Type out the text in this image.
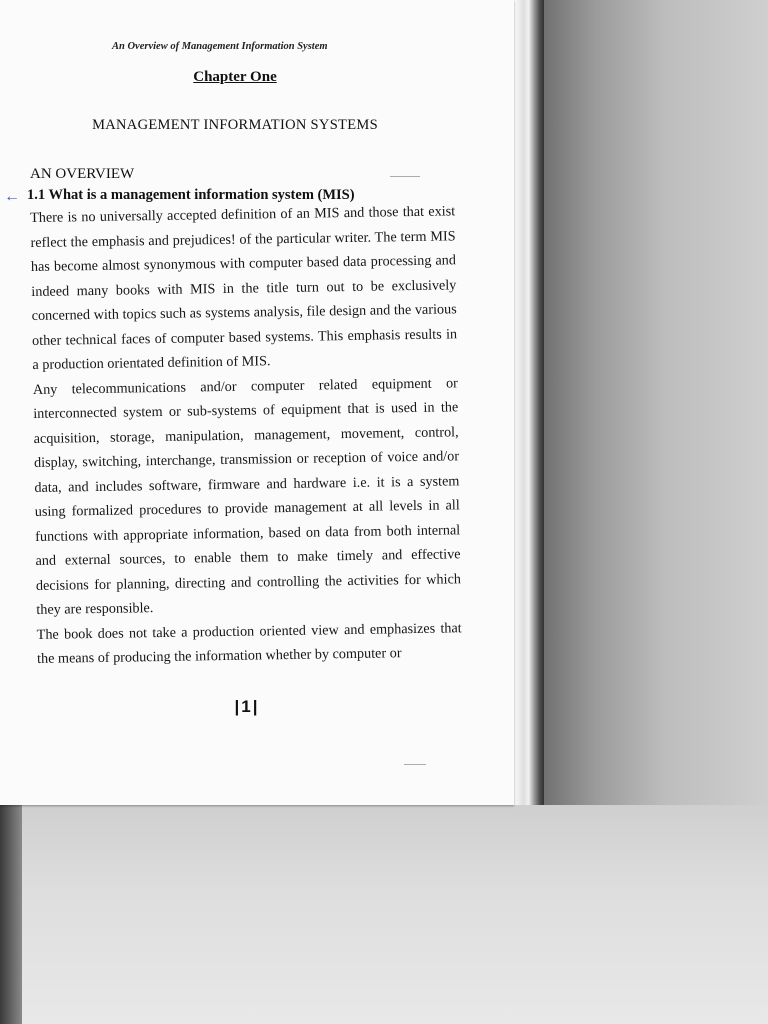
An Overview of Management Information System
Chapter One
MANAGEMENT INFORMATION SYSTEMS
AN OVERVIEW
← 1.1 What is a management information system (MIS)

There is no universally accepted definition of an MIS and those that exist reflect the emphasis and prejudices! of the particular writer. The term MIS has become almost synonymous with computer based data processing and indeed many books with MIS in the title turn out to be exclusively concerned with topics such as systems analysis, file design and the various other technical faces of computer based systems. This emphasis results in a production orientated definition of MIS.

Any telecommunications and/or computer related equipment or interconnected system or sub-systems of equipment that is used in the acquisition, storage, manipulation, management, movement, control, display, switching, interchange, transmission or reception of voice and/or data, and includes software, firmware and hardware i.e. it is a system using formalized procedures to provide management at all levels in all functions with appropriate information, based on data from both internal and external sources, to enable them to make timely and effective decisions for planning, directing and controlling the activities for which they are responsible.

The book does not take a production oriented view and emphasizes that the means of producing the information whether by computer or

|1|
